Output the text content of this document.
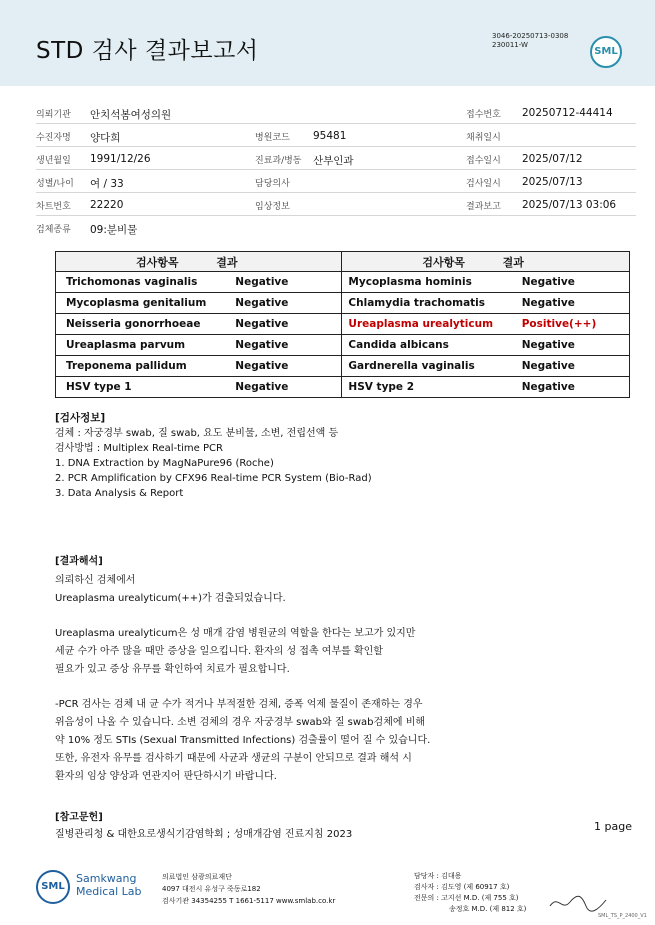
STD 검사 결과보고서
3046-20250713-0308
230011-W
SML
의뢰기관 안치석봄여성의원	접수번호 20250712-44414
수진자명 양다희	병원코드 95481	채취일시
생년월일 1991/12/26	진료과/병동 산부인과	접수일시 2025/07/12
성별/나이 여 / 33	담당의사	검사일시 2025/07/13
차트번호 22220	임상정보	결과보고 2025/07/13 03:06
검체종류 09:분비물
검사항목 결과		검사항목 결과	
Trichomonas vaginalis	Negative	Mycoplasma hominis	Negative
Mycoplasma genitalium	Negative	Chlamydia trachomatis	Negative
Neisseria gonorrhoeae	Negative	Ureaplasma urealyticum	Positive(++)
Ureaplasma parvum	Negative	Candida albicans	Negative
Treponema pallidum	Negative	Gardnerella vaginalis	Negative
HSV type 1	Negative	HSV type 2	Negative
[검사정보]
검체 : 자궁경부 swab, 질 swab, 요도 분비물, 소변, 전립선액 등
검사방법 : Multiplex Real-time PCR
1. DNA Extraction by MagNaPure96 (Roche)
2. PCR Amplification by CFX96 Real-time PCR System (Bio-Rad)
3. Data Analysis & Report
[결과해석]
의뢰하신 검체에서
Ureaplasma urealyticum(++)가 검출되었습니다.
Ureaplasma urealyticum은 성 매개 감염 병원균의 역할을 한다는 보고가 있지만
세균 수가 아주 많을 때만 증상을 일으킵니다. 환자의 성 접촉 여부를 확인할
필요가 있고 증상 유무를 확인하여 치료가 필요합니다.
-PCR 검사는 검체 내 균 수가 적거나 부적절한 검체, 증폭 억제 물질이 존재하는 경우
위음성이 나올 수 있습니다. 소변 검체의 경우 자궁경부 swab와 질 swab검체에 비해
약 10% 정도 STIs (Sexual Transmitted Infections) 검출률이 떨어 질 수 있습니다.
또한, 유전자 유무를 검사하기 때문에 사균과 생균의 구분이 안되므로 결과 해석 시
환자의 임상 양상과 연관지어 판단하시기 바랍니다.
[참고문헌]
질병관리청 & 대한요로생식기감염학회 ; 성매개감염 진료지침 2023
1 page
SML
Samkwang
Medical Lab
의료법인 삼광의료재단
4097 대전시 유성구 죽동로182
검사기관 34354255 T 1661-5117 www.smlab.co.kr
담당자 : 김대용
검사자 : 김도영 (제 60917 호)
전문의 : 고지선 M.D. (제 755 호)
송정호 M.D. (제 812 호)
SML_TS_P_2400_V1
